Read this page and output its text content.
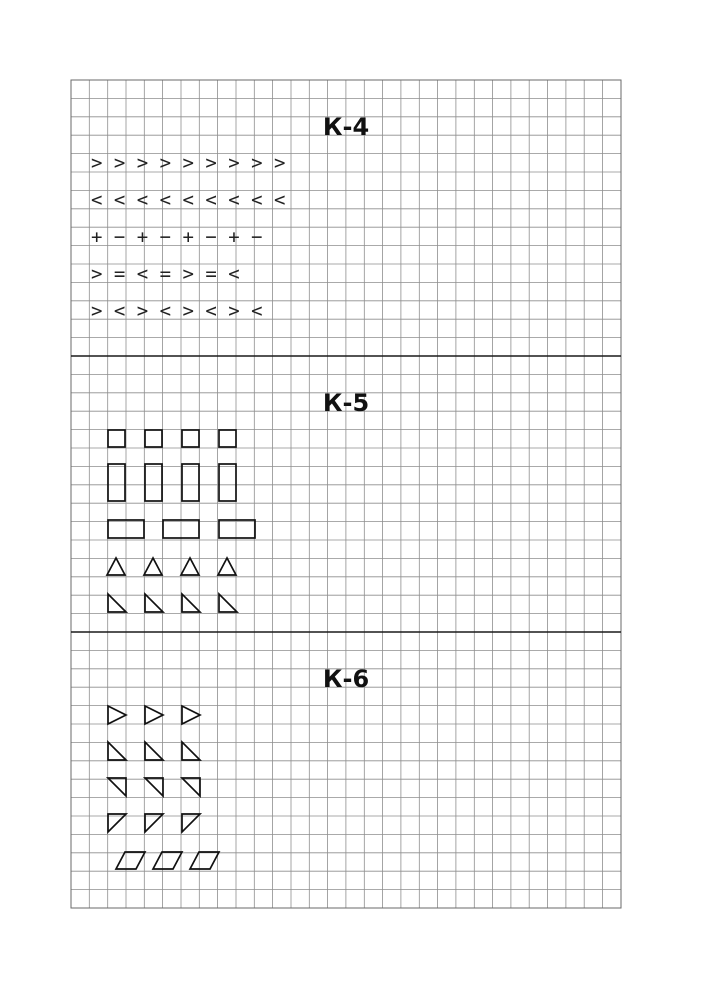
К-4
> > > > > > > > >
< < < < < < < < <
+ − + − + − + −
> = < = > = <
> < > < > < > <
К-5
К-6
